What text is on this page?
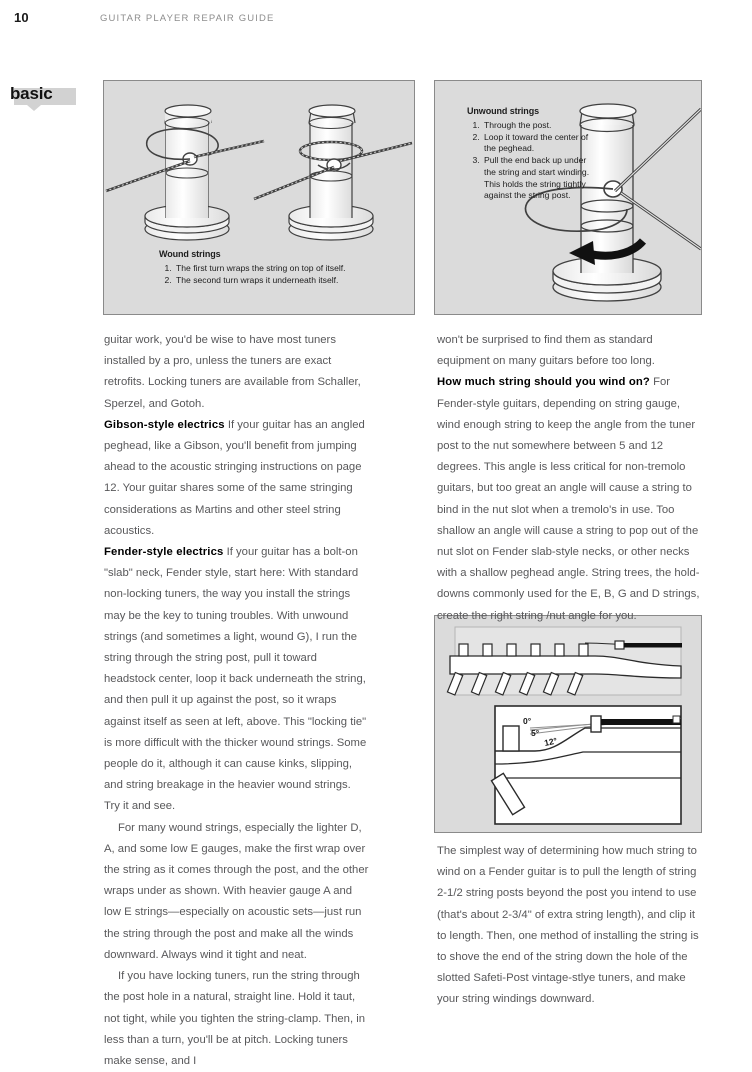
10	GUITAR PLAYER REPAIR GUIDE
basic
Wound strings
1. The first turn wraps the string on top of itself.
2. The second turn wraps it underneath itself.
Unwound strings
1. Through the post.
2. Loop it toward the center of the peghead.
3. Pull the end back up under the string and start winding. This holds the string tightly against the string post.
0°
5°
12°

guitar work, you'd be wise to have most tuners installed by a pro, unless the tuners are exact retrofits. Locking tuners are available from Schaller, Sperzel, and Gotoh.

Gibson-style electrics If your guitar has an angled peghead, like a Gibson, you'll benefit from jumping ahead to the acoustic stringing instructions on page 12. Your guitar shares some of the same stringing considerations as Martins and other steel string acoustics.

Fender-style electrics If your guitar has a bolt-on "slab" neck, Fender style, start here: With standard non-locking tuners, the way you install the strings may be the key to tuning troubles. With unwound strings (and sometimes a light, wound G), I run the string through the string post, pull it toward headstock center, loop it back underneath the string, and then pull it up against the post, so it wraps against itself as seen at left, above. This "locking tie" is more difficult with the thicker wound strings. Some people do it, although it can cause kinks, slipping, and string breakage in the heavier wound strings. Try it and see.

For many wound strings, especially the lighter D, A, and some low E gauges, make the first wrap over the string as it comes through the post, and the other wraps under as shown. With heavier gauge A and low E strings—especially on acoustic sets—just run the string through the post and make all the winds downward. Always wind it tight and neat.

If you have locking tuners, run the string through the post hole in a natural, straight line. Hold it taut, not tight, while you tighten the string-clamp. Then, in less than a turn, you'll be at pitch. Locking tuners make sense, and I

won't be surprised to find them as standard equipment on many guitars before too long.

How much string should you wind on? For Fender-style guitars, depending on string gauge, wind enough string to keep the angle from the tuner post to the nut somewhere between 5 and 12 degrees. This angle is less critical for non-tremolo guitars, but too great an angle will cause a string to bind in the nut slot when a tremolo's in use. Too shallow an angle will cause a string to pop out of the nut slot on Fender slab-style necks, or other necks with a shallow peghead angle. String trees, the hold-downs commonly used for the E, B, G and D strings, create the right string /nut angle for you.

The simplest way of determining how much string to wind on a Fender guitar is to pull the length of string 2-1/2 string posts beyond the post you intend to use (that's about 2-3/4" of extra string length), and clip it to length. Then, one method of installing the string is to shove the end of the string down the hole of the slotted Safeti-Post vintage-stlye tuners, and make your string windings downward.
